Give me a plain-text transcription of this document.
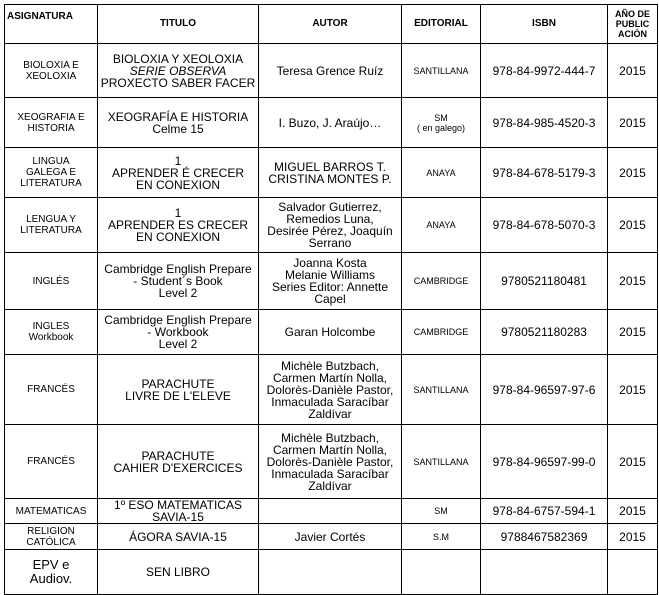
ASIGNATURA	TITULO	AUTOR	EDITORIAL	ISBN	AÑO DE
PUBLIC
ACIÓN

BIOLOXIA E
XEOLOXIA	BIOLOXIA Y XEOLOXIA
SERIE OBSERVA
PROXECTO SABER FACER	Teresa Grence Ruíz	SANTILLANA	978-84-9972-444-7	2015

XEOGRAFIA E
HISTORIA	XEOGRAFÍA E HISTORIA
Celme 15	I. Buzo, J. Araújo…	SM
( en galego)	978-84-985-4520-3	2015

LINGUA
GALEGA E
LITERATURA	1
APRENDER É CRECER
EN CONEXION	MIGUEL BARROS T.
CRISTINA MONTES P.	ANAYA	978-84-678-5179-3	2015

LENGUA Y
LITERATURA	1
APRENDER ES CRECER
EN CONEXION	Salvador Gutierrez,
Remedios Luna,
Desirée Pérez, Joaquín
Serrano	ANAYA	978-84-678-5070-3	2015

INGLÉS	Cambridge English Prepare
- Student´s Book
Level 2	Joanna Kosta
Melanie Williams
Series Editor: Annette
Capel	CAMBRIDGE	9780521180481	2015

INGLES
Workbook	Cambridge English Prepare
- Workbook
Level 2	Garan Holcombe	CAMBRIDGE	9780521180283	2015

FRANCÉS	PARACHUTE
LIVRE DE L'ELEVE	Michèle Butzbach,
Carmen Martín Nolla,
Dolorès-Danièle Pastor,
Inmaculada Saracíbar
Zaldívar	SANTILLANA	978-84-96597-97-6	2015

FRANCÉS	PARACHUTE
CAHIER D'EXERCICES	Michèle Butzbach,
Carmen Martín Nolla,
Dolorès-Danièle Pastor,
Inmaculada Saracíbar
Zaldívar	SANTILLANA	978-84-96597-99-0	2015

MATEMATICAS	1º ESO MATEMATICAS
SAVIA-15		SM	978-84-6757-594-1	2015

RELIGION
CATÓLICA	ÁGORA SAVIA-15	Javier Cortés	S.M	9788467582369	2015

EPV e
Audiov.	SEN LIBRO				
